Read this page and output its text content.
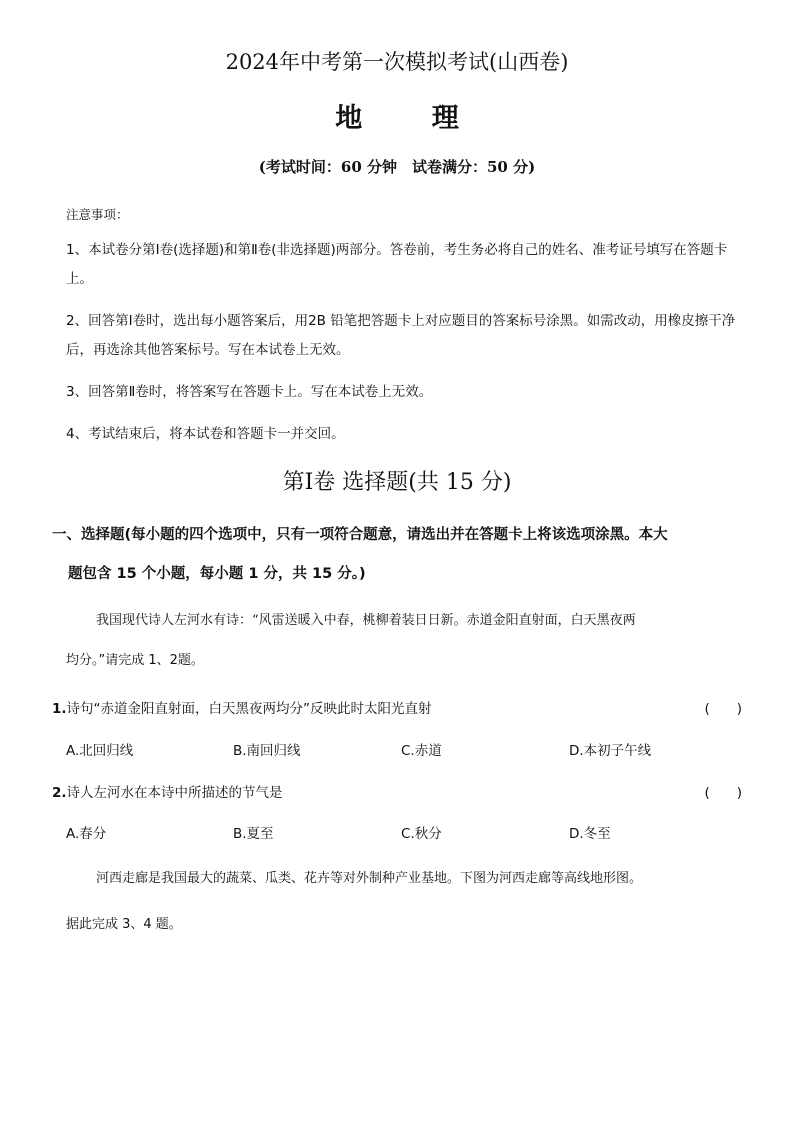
2024年中考第一次模拟考试(山西卷)
地 理
(考试时间：60 分钟　试卷满分：50 分)
注意事项：
1、本试卷分第Ⅰ卷(选择题)和第Ⅱ卷(非选择题)两部分。答卷前，考生务必将自己的姓名、准考证号填写在答题卡上。
2、回答第Ⅰ卷时，选出每小题答案后，用2B 铅笔把答题卡上对应题目的答案标号涂黑。如需改动，用橡皮擦干净后，再选涂其他答案标号。写在本试卷上无效。
3、回答第Ⅱ卷时，将答案写在答题卡上。写在本试卷上无效。
4、考试结束后，将本试卷和答题卡一并交回。
第Ⅰ卷 选择题(共 15 分)
一、选择题(每小题的四个选项中，只有一项符合题意，请选出并在答题卡上将该选项涂黑。本大
题包含 15 个小题，每小题 1 分，共 15 分。)
我国现代诗人左河水有诗：“风雷送暖入中春，桃柳着装日日新。赤道金阳直射面，白天黑夜两
均分。”请完成 1、2题。
1.诗句“赤道金阳直射面，白天黑夜两均分”反映此时太阳光直射	(　　)
A.北回归线	B.南回归线	C.赤道	D.本初子午线
2.诗人左河水在本诗中所描述的节气是	(　　)
A.春分	B.夏至	C.秋分	D.冬至
河西走廊是我国最大的蔬菜、瓜类、花卉等对外制种产业基地。下图为河西走廊等高线地形图。
据此完成 3、4 题。
